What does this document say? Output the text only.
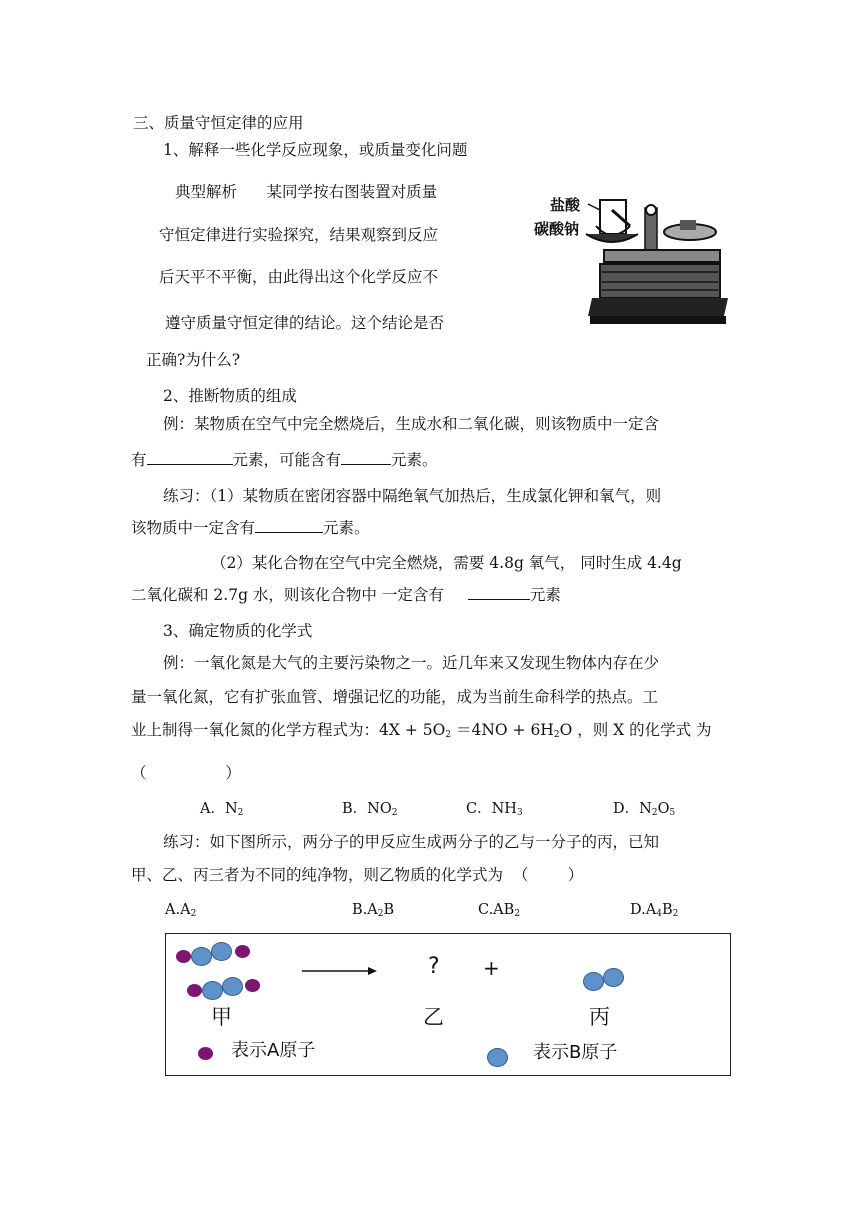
三、质量守恒定律的应用
1、解释一些化学反应现象，或质量变化问题
典型解析      某同学按右图装置对质量
守恒定律进行实验探究，结果观察到反应
后天平不平衡，由此得出这个化学反应不
遵守质量守恒定律的结论。这个结论是否
正确?为什么?
盐酸
碳酸钠
2、推断物质的组成
例：某物质在空气中完全燃烧后，生成水和二氧化碳，则该物质中一定含
有	元素，可能含有	元素。
练习：（1）某物质在密闭容器中隔绝氧气加热后，生成氯化钾和氧气，则
该物质中一定含有	元素。
（2）某化合物在空气中完全燃烧，需要 4.8g 氧气， 同时生成 4.4g
二氧化碳和 2.7g 水，则该化合物中 一定含有	元素
3、确定物质的化学式
例：一氧化氮是大气的主要污染物之一。近几年来又发现生物体内存在少
量一氧化氮，它有扩张血管、增强记忆的功能，成为当前生命科学的热点。工
业上制得一氧化氮的化学方程式为：$4X + 5O_2 =4NO + 6H_2O$ ，则 X 的化学式 为
（                ）
A．$N_2$	B．$NO_2$	C．$NH_3$	D．$N_2O_5$
练习：如下图所示，两分子的甲反应生成两分子的乙与一分子的丙，已知
甲、乙、丙三者为不同的纯净物，则乙物质的化学式为  （        ）
$A.A_2$	$B.A_2B$	$C.AB_2$	$D.A_4B_2$
? +
甲	乙	丙
表示A原子	表示B原子
